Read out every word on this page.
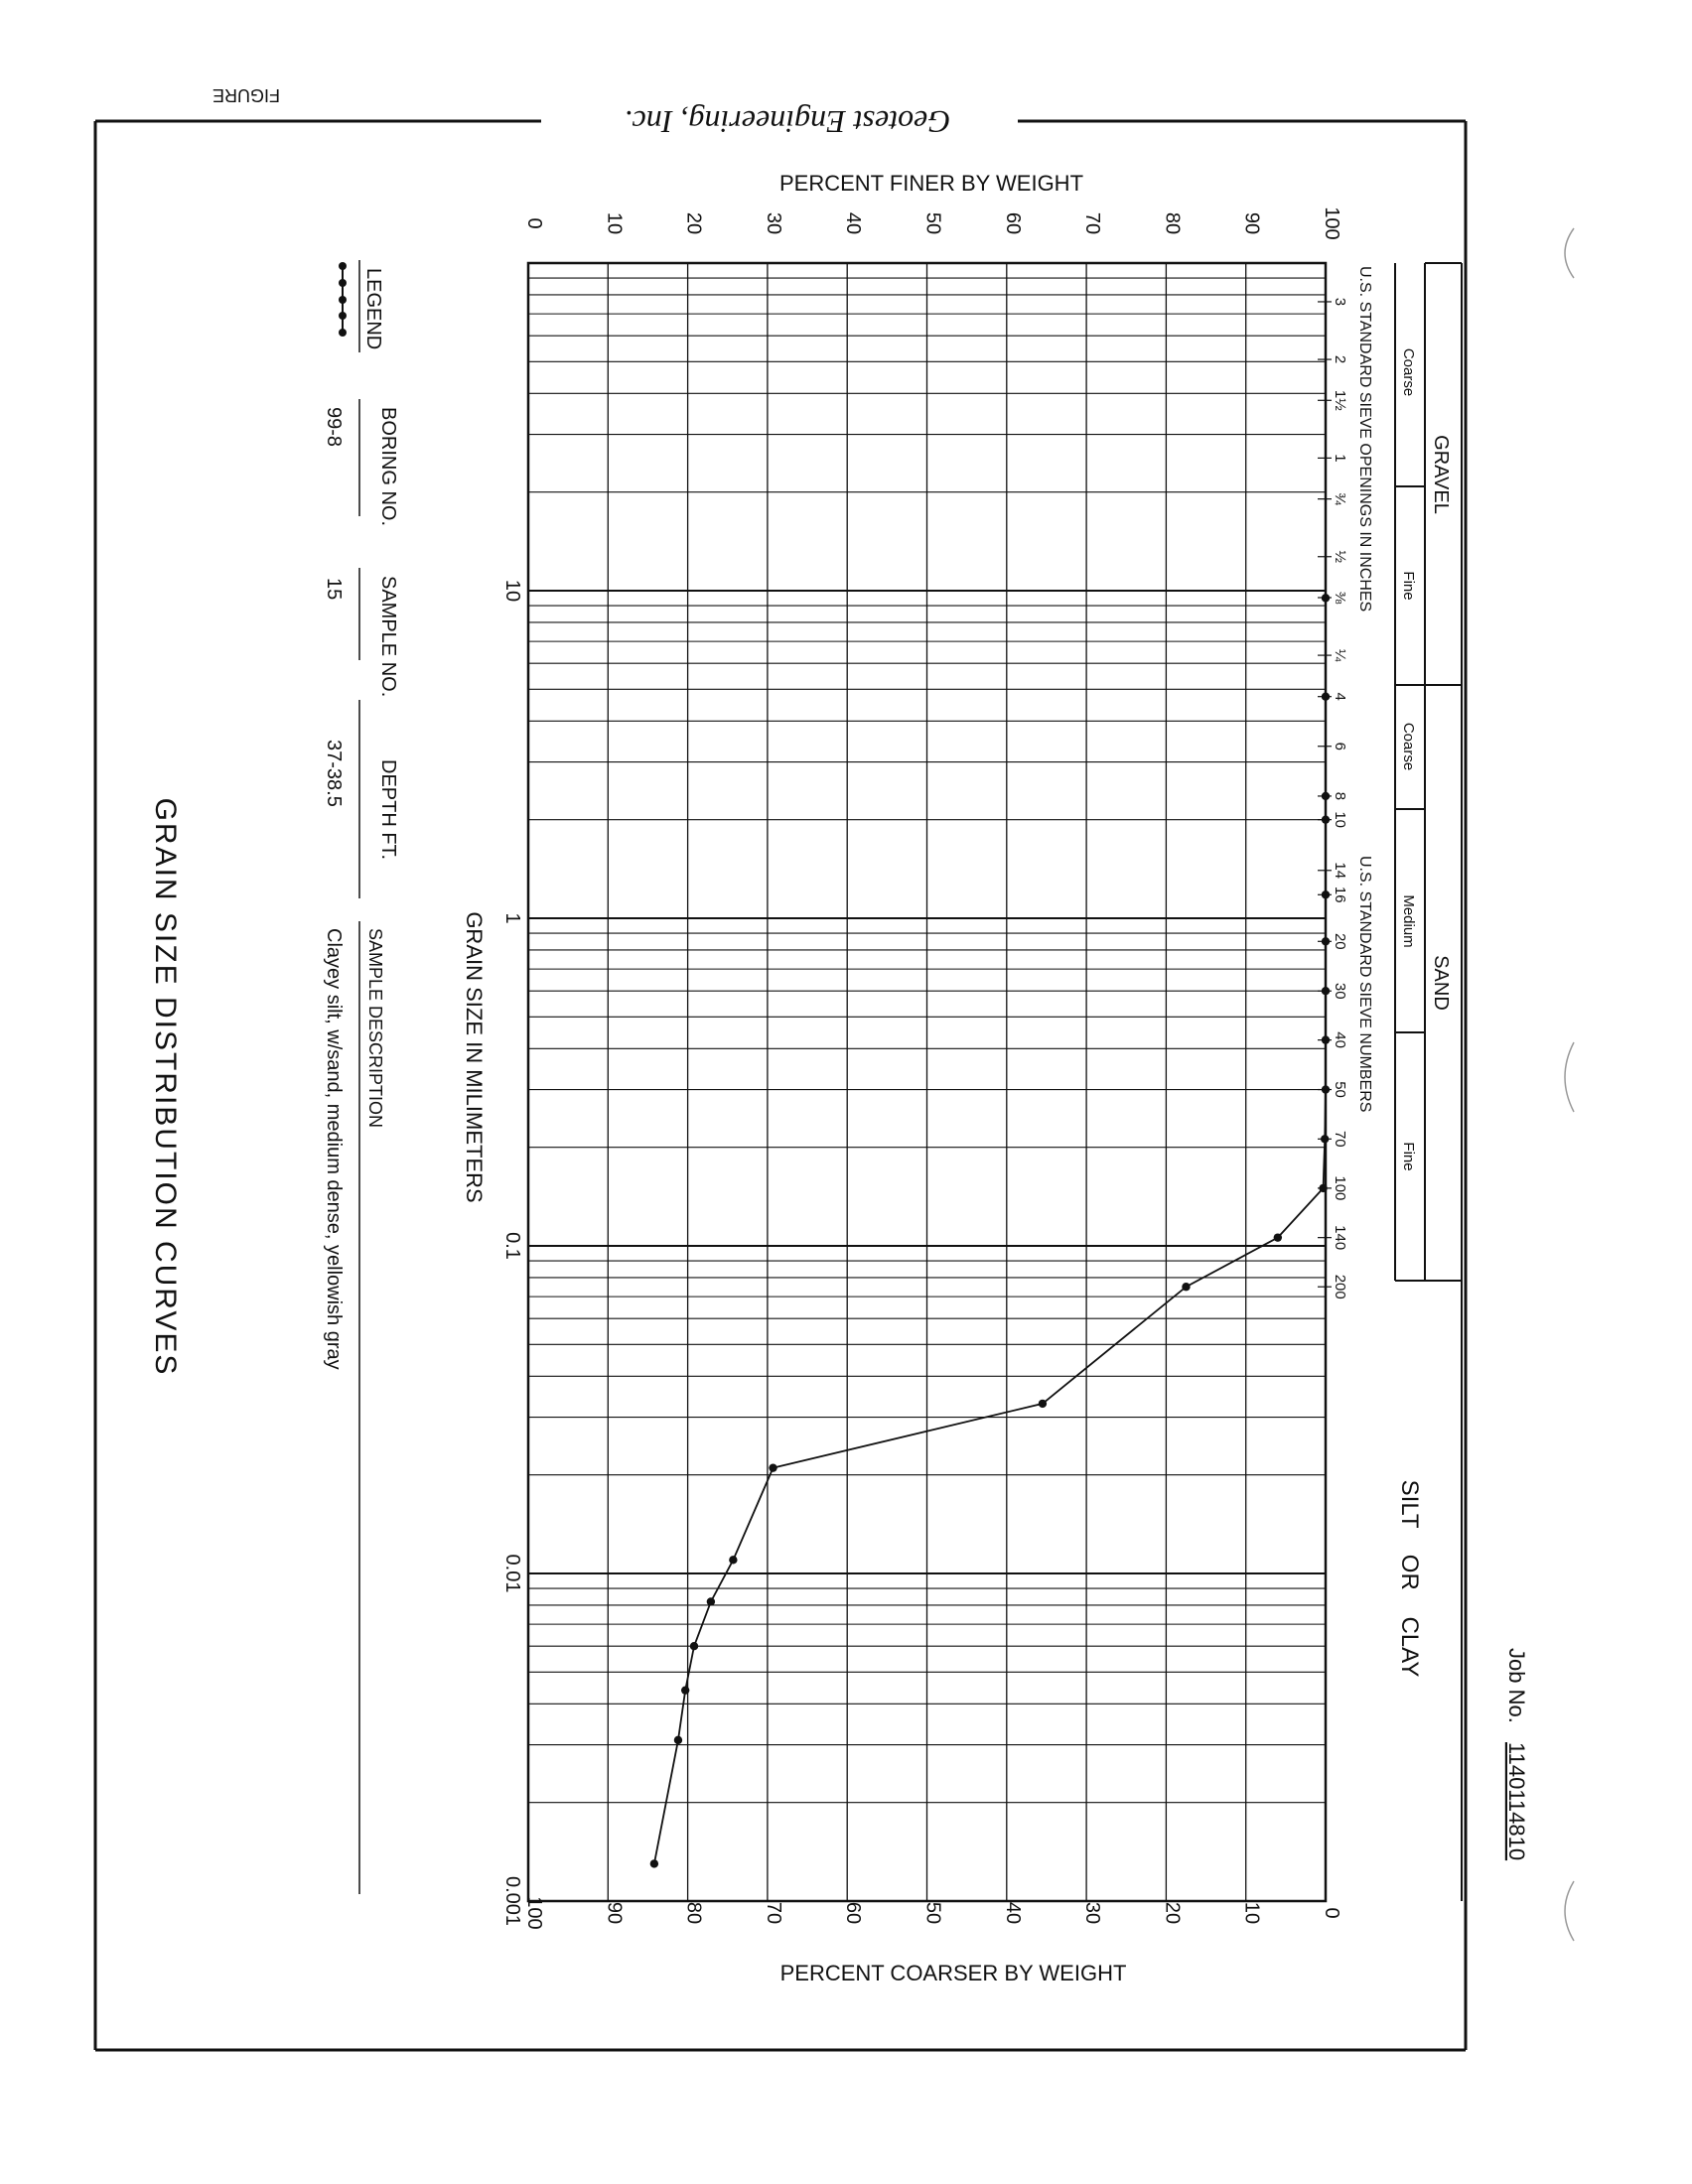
FIGURE
Geotest Engineering, Inc.
Job No.
1140114810
GRAVEL
SAND
SILT OR CLAY
Coarse
Fine
Coarse
Medium
Fine
U.S. STANDARD SIEVE OPENINGS IN INCHES
U.S. STANDARD SIEVE NUMBERS
3
2
1½
1
¾
½
⅜
¼
4
6
8
10
14
16
20
30
40
50
70
100
140
200
0	10	20	30	40	50	60	70	80	90	100
100	90	80	70	60	50	40	30	20	10	0
10
1
0.1
0.01
0.001
PERCENT FINER BY WEIGHT
PERCENT COARSER BY WEIGHT
GRAIN SIZE IN MILIMETERS
LEGEND
BORING NO.
99-8
SAMPLE NO.
15
DEPTH FT.
37-38.5
SAMPLE DESCRIPTION
Clayey silt, w/sand, medium dense, yellowish gray
GRAIN SIZE DISTRIBUTION CURVES
